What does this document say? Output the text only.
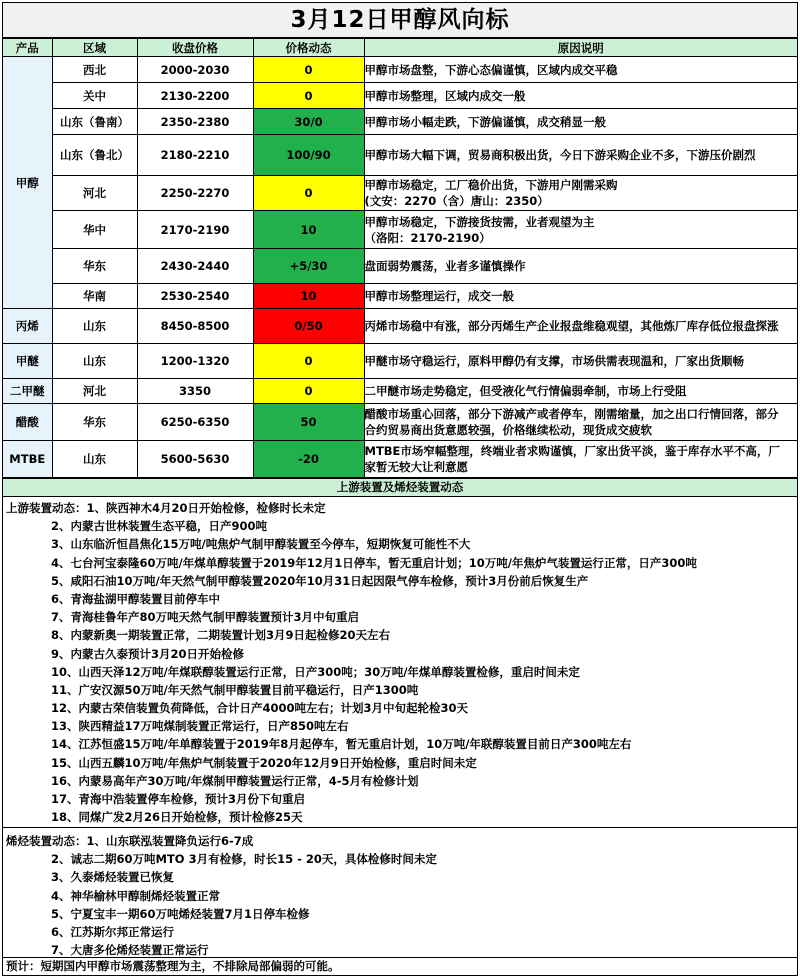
3月12日甲醇风向标
产品	区域	收盘价格	价格动态	原因说明
甲醇	西北	2000-2030	0	甲醇市场盘整，下游心态偏谨慎，区域内成交平稳
	关中	2130-2200	0	甲醇市场整理，区域内成交一般
	山东（鲁南）	2350-2380	30/0	甲醇市场小幅走跌，下游偏谨慎，成交稍显一般
	山东（鲁北）	2180-2210	100/90	甲醇市场大幅下调，贸易商积极出货，今日下游采购企业不多，下游压价剧烈
	河北	2250-2270	0	甲醇市场稳定，工厂稳价出货，下游用户刚需采购
(文安：2270（含）唐山：2350）

	华中	2170-2190	10	甲醇市场稳定，下游接货按需，业者观望为主
（洛阳：2170-2190）

	华东	2430-2440	+5/30	盘面弱势震荡，业者多谨慎操作
	华南	2530-2540	10	甲醇市场整理运行，成交一般
丙烯	山东	8450-8500	0/50	丙烯市场稳中有涨，部分丙烯生产企业报盘维稳观望，其他炼厂库存低位报盘探涨
甲醚	山东	1200-1320	0	甲醚市场守稳运行，原料甲醇仍有支撑，市场供需表现温和，厂家出货顺畅
二甲醚	河北	3350	0	二甲醚市场走势稳定，但受液化气行情偏弱牵制，市场上行受阻
醋酸	华东	6250-6350	50	醋酸市场重心回落，部分下游减产或者停车，刚需缩量，加之出口行情回落，部分
合约贸易商出货意愿较强，价格继续松动，现货成交疲软

MTBE	山东	5600-5630	-20	MTBE市场窄幅整理，终端业者求购谨慎，厂家出货平淡，鉴于库存水平不高，厂
家暂无较大让利意愿
上游装置及烯烃装置动态
上游装置动态：1、陕西神木4月20日开始检修，检修时长未定
2、内蒙古世林装置生态平稳，日产900吨
3、山东临沂恒昌焦化15万吨/吨焦炉气制甲醇装置至今停车，短期恢复可能性不大
4、七台河宝泰隆60万吨/年煤单醇装置于2019年12月1日停车，暂无重启计划；10万吨/年焦炉气装置运行正常，日产300吨
5、咸阳石油10万吨/年天然气制甲醇装置2020年10月31日起因限气停车检修，预计3月份前后恢复生产
6、青海盐湖甲醇装置目前停车中
7、青海桂鲁年产80万吨天然气制甲醇装置预计3月中旬重启
8、内蒙新奥一期装置正常，二期装置计划3月9日起检修20天左右
9、内蒙古久泰预计3月20日开始检修
10、山西天泽12万吨/年煤联醇装置运行正常，日产300吨；30万吨/年煤单醇装置检修，重启时间未定
11、广安汉源50万吨/年天然气制甲醇装置目前平稳运行，日产1300吨
12、内蒙古荣信装置负荷降低，合计日产4000吨左右；计划3月中旬起轮检30天
13、陕西精益17万吨煤制装置正常运行，日产850吨左右
14、江苏恒盛15万吨/年单醇装置于2019年8月起停车，暂无重启计划，10万吨/年联醇装置目前日产300吨左右
15、山西五麟10万吨/年焦炉气制装置于2020年12月9日开始检修，重启时间未定
16、内蒙易高年产30万吨/年煤制甲醇装置运行正常，4-5月有检修计划
17、青海中浩装置停车检修，预计3月份下旬重启
18、同煤广发2月26日开始检修，预计检修25天
烯烃装置动态：1、山东联泓装置降负运行6-7成
2、诚志二期60万吨MTO 3月有检修，时长15 - 20天，具体检修时间未定
3、久泰烯烃装置已恢复
4、神华榆林甲醇制烯烃装置正常
5、宁夏宝丰一期60万吨烯烃装置7月1日停车检修
6、江苏斯尔邦正常运行
7、大唐多伦烯烃装置正常运行
预计：短期国内甲醇市场震荡整理为主，不排除局部偏弱的可能。
